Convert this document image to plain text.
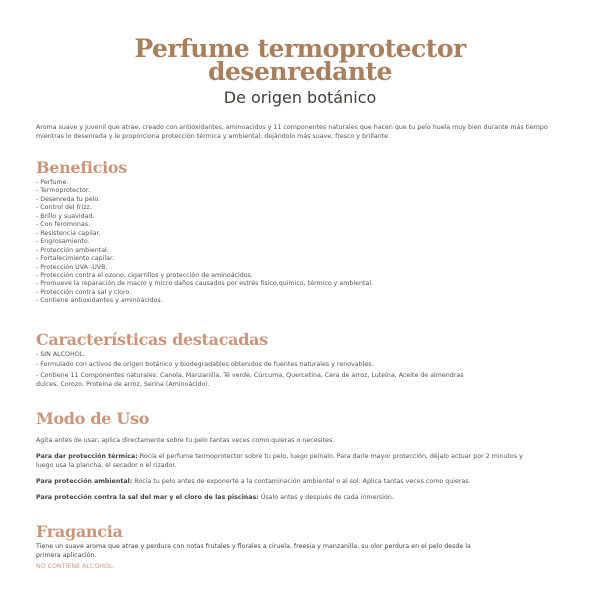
Perfume termoprotector
desenredante
De origen botánico

Aroma suave y juvenil que atrae, creado con antioxidantes, aminoacidos y 11 componentes naturales que hacen que tu pelo huela muy bien durante más tiempo mientras lo desenreda y le proporciona protección térmica y ambiental, dejándolo más suave, fresco y brillante.

Beneficios
- Perfume.
- Termoprotector.
- Desenreda tu pelo.
- Control del frizz.
- Brillo y suavidad.
- Con feromonas.
- Resistencia capilar.
- Engrosamiento.
- Protección ambiental.
- Fortalecimiento capilar.
- Protección UVA -UVB.
- Protección contra el ozono, cigarrillos y protección de aminoácidos.
- Promueve la reparación de macro y micro daños causados por estrés físico,químico, térmico y ambiental.
- Protección contra sal y cloro.
- Contiene antioxidantes y aminoácidos.
Características destacadas
- SIN ALCOHOL.
- Formulado con activos de origen botánico y biodegradables obtenidos de fuentes naturales y renovables.
- Contiene 11 Componentes naturales: Canola, Manzanilla, Té verde, Cúrcuma, Quercetina, Cera de arroz, Luteína, Aceite de almendras dulces, Corozo, Proteína de arroz, Serina (Aminoácido).
Modo de Uso
Agita antes de usar, aplica directamente sobre tu pelo tantas veces como quieras o necesites.

Para dar protección térmica: Rocía el perfume termoprotector sobre tu pelo, luego peínalo. Para darle mayor protección, déjalo actuar por 2 minutos y luego usa la plancha, el secador o el rizador.

Para protección ambiental: Rocía tu pelo antes de exponerte a la contaminación ambiental o al sol. Aplica tantas veces como quieras.

Para protección contra la sal del mar y el cloro de las piscinas: Úsalo antes y después de cada inmersión.

Fragancia
Tiene un suave aroma que atrae y perdura con notas frutales y florales a ciruela, freesia y manzanilla, su olor perdura en el pelo desde la primera aplicación.
NO CONTIENE ALCOHOL.
